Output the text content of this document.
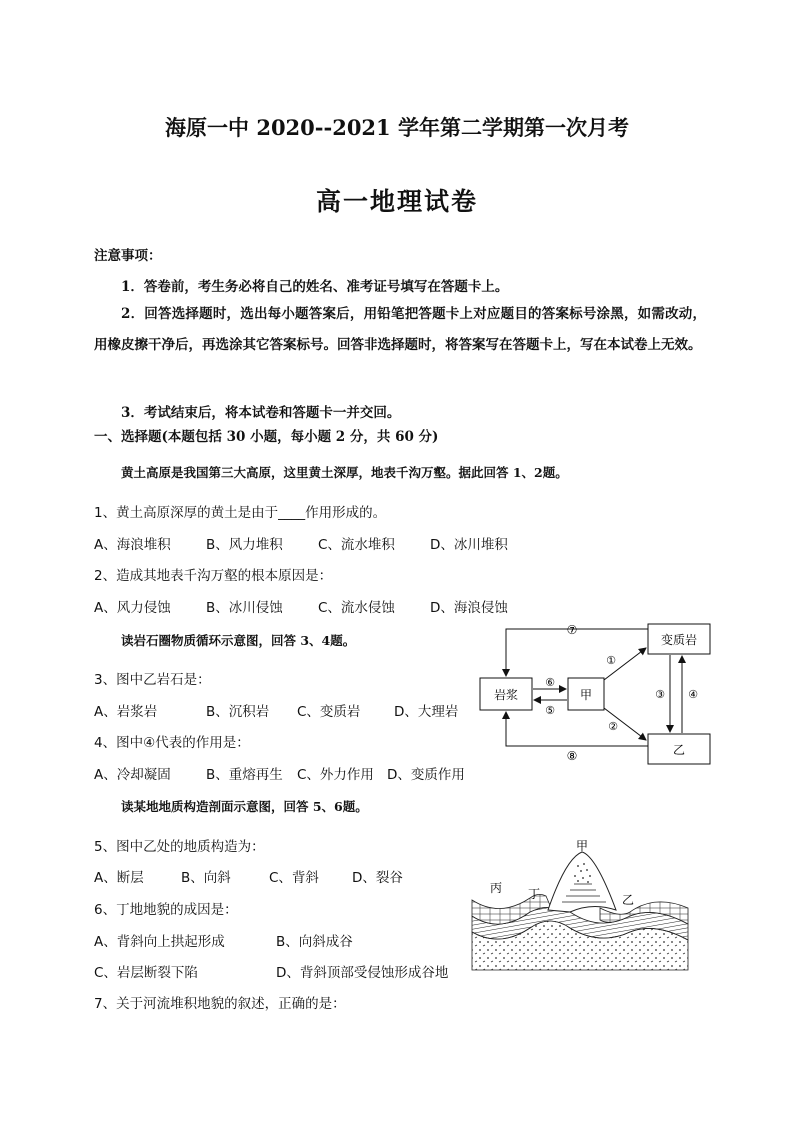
海原一中 2020--2021 学年第二学期第一次月考
高一地理试卷
注意事项：
1．答卷前，考生务必将自己的姓名、准考证号填写在答题卡上。
2．回答选择题时，选出每小题答案后，用铅笔把答题卡上对应题目的答案标号涂黑，如需改动，用橡皮擦干净后，再选涂其它答案标号。回答非选择题时，将答案写在答题卡上，写在本试卷上无效。
3．考试结束后，将本试卷和答题卡一并交回。
一、选择题(本题包括 30 小题，每小题 2 分，共 60 分)
黄土高原是我国第三大高原，这里黄土深厚，地表千沟万壑。据此回答 1、2题。
1、黄土高原深厚的黄土是由于____作用形成的。
A、海浪堆积	B、风力堆积	C、流水堆积	D、冰川堆积
2、造成其地表千沟万壑的根本原因是：
A、风力侵蚀	B、冰川侵蚀	C、流水侵蚀	D、海浪侵蚀
读岩石圈物质循环示意图，回答 3、4题。
3、图中乙岩石是：
A、岩浆岩	B、沉积岩 C、变质岩 D、大理岩
4、图中④代表的作用是：
A、冷却凝固	B、重熔再生 C、外力作用 D、变质作用
岩浆	甲
变质岩
乙
⑦
⑧
⑥
⑤
①
②
③ ④
读某地地质构造剖面示意图，回答 5、6题。
5、图中乙处的地质构造为：
A、断层	B、向斜	C、背斜 D、裂谷
6、丁地地貌的成因是：
A、背斜向上拱起形成	B、向斜成谷
C、岩层断裂下陷	D、背斜顶部受侵蚀形成谷地
甲
丙 丁	乙
7、关于河流堆积地貌的叙述，正确的是：
